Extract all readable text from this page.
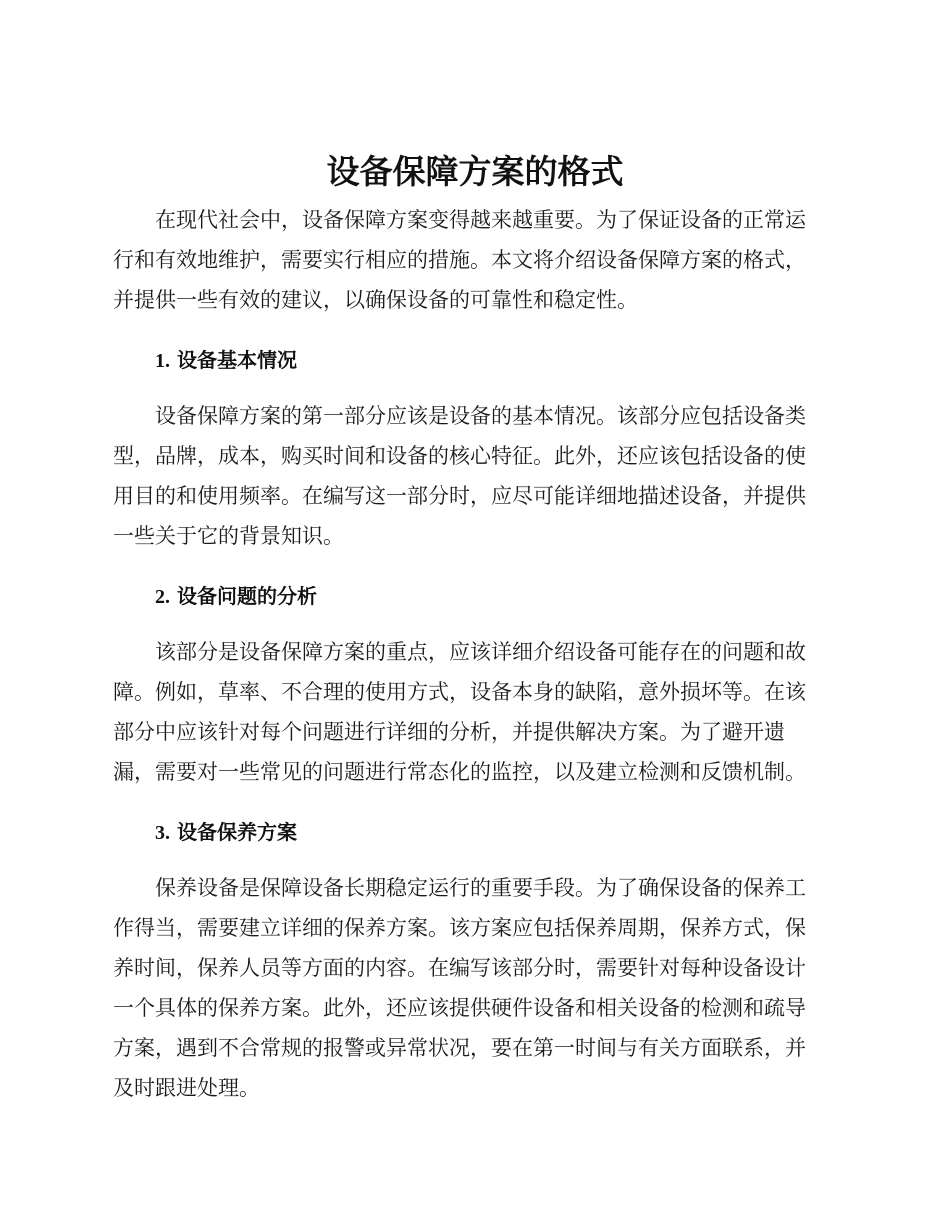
设备保障方案的格式
在现代社会中，设备保障方案变得越来越重要。为了保证设备的正常运
行和有效地维护，需要实行相应的措施。本文将介绍设备保障方案的格式，
并提供一些有效的建议，以确保设备的可靠性和稳定性。
1. 设备基本情况
设备保障方案的第一部分应该是设备的基本情况。该部分应包括设备类
型，品牌，成本，购买时间和设备的核心特征。此外，还应该包括设备的使
用目的和使用频率。在编写这一部分时，应尽可能详细地描述设备，并提供
一些关于它的背景知识。
2. 设备问题的分析
该部分是设备保障方案的重点，应该详细介绍设备可能存在的问题和故
障。例如，草率、不合理的使用方式，设备本身的缺陷，意外损坏等。在该
部分中应该针对每个问题进行详细的分析，并提供解决方案。为了避开遗
漏，需要对一些常见的问题进行常态化的监控，以及建立检测和反馈机制。
3. 设备保养方案
保养设备是保障设备长期稳定运行的重要手段。为了确保设备的保养工
作得当，需要建立详细的保养方案。该方案应包括保养周期，保养方式，保
养时间，保养人员等方面的内容。在编写该部分时，需要针对每种设备设计
一个具体的保养方案。此外，还应该提供硬件设备和相关设备的检测和疏导
方案，遇到不合常规的报警或异常状况，要在第一时间与有关方面联系，并
及时跟进处理。
